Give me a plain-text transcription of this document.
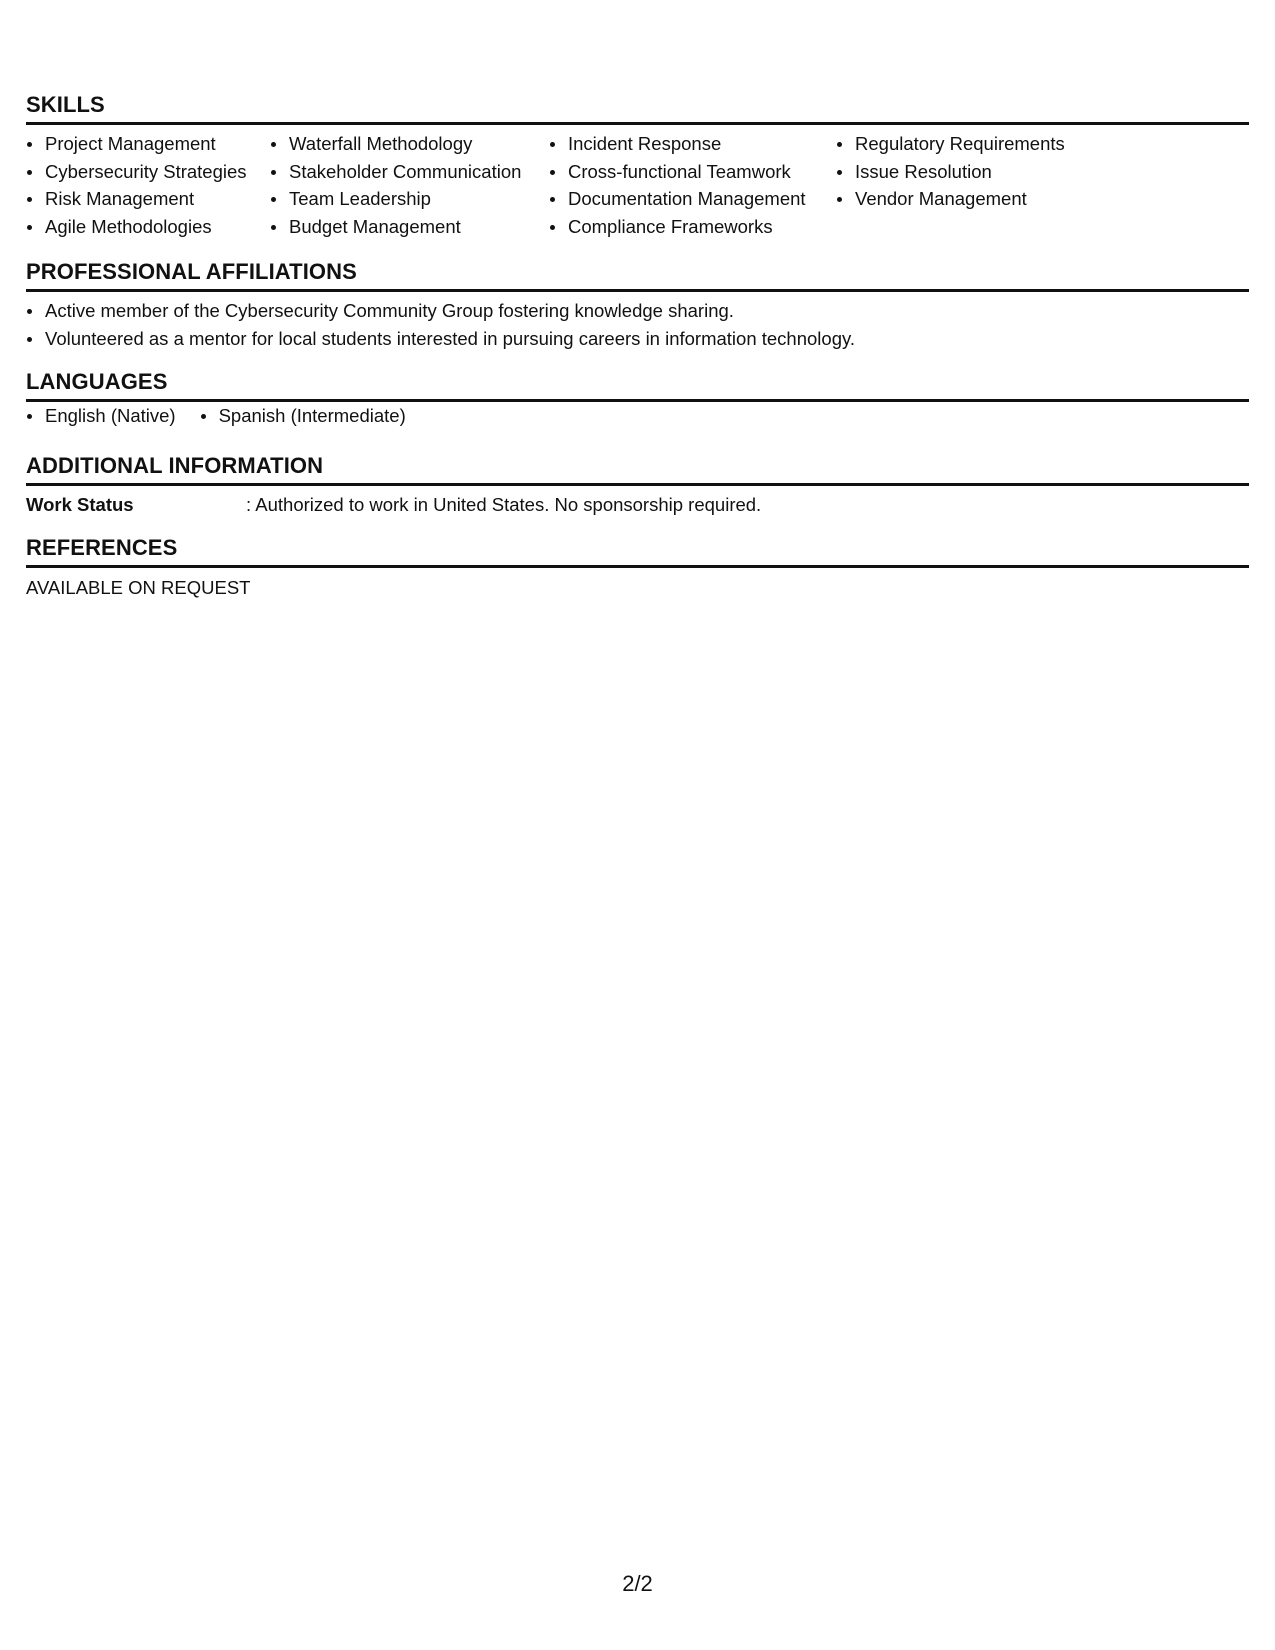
SKILLS
Project Management
Cybersecurity Strategies
Risk Management
Agile Methodologies
Waterfall Methodology
Stakeholder Communication
Team Leadership
Budget Management
Incident Response
Cross-functional Teamwork
Documentation Management
Compliance Frameworks
Regulatory Requirements
Issue Resolution
Vendor Management
PROFESSIONAL AFFILIATIONS
Active member of the Cybersecurity Community Group fostering knowledge sharing.
Volunteered as a mentor for local students interested in pursuing careers in information technology.
LANGUAGES
English (Native)	Spanish (Intermediate)
ADDITIONAL INFORMATION
Work Status	: Authorized to work in United States. No sponsorship required.
REFERENCES
AVAILABLE ON REQUEST
2/2
